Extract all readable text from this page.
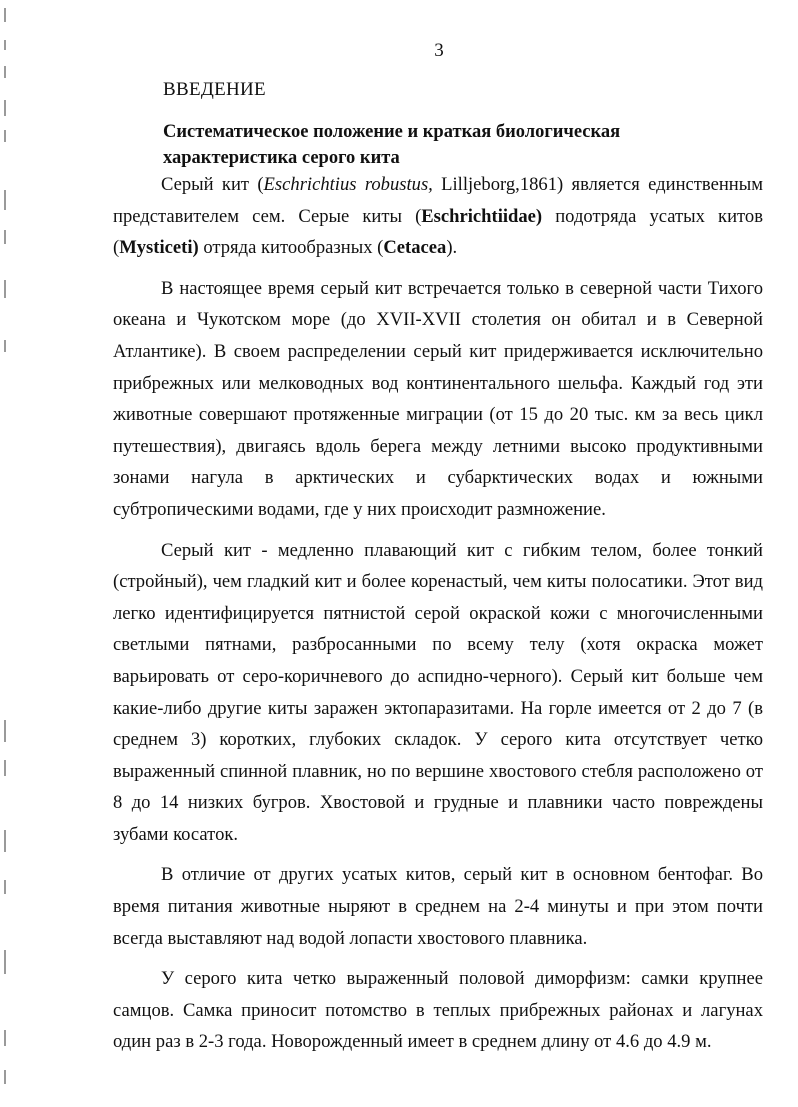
3
ВВЕДЕНИЕ
Систематическое положение и краткая биологическая характеристика серого кита

Серый кит (Eschrichtius robustus, Lilljeborg,1861) является единственным представителем сем. Серые киты (Eschrichtiidae) подотряда усатых китов (Mysticeti) отряда китообразных (Cetacea).

В настоящее время серый кит встречается только в северной части Тихого океана и Чукотском море (до XVII-XVII столетия он обитал и в Северной Атлантике). В своем распределении серый кит придерживается исключительно прибрежных или мелководных вод континентального шельфа. Каждый год эти животные совершают протяженные миграции (от 15 до 20 тыс. км за весь цикл путешествия), двигаясь вдоль берега между летними высоко продуктивными зонами нагула в арктических и субарктических водах и южными субтропическими водами, где у них происходит размножение.

Серый кит - медленно плавающий кит с гибким телом, более тонкий (стройный), чем гладкий кит и более коренастый, чем киты полосатики. Этот вид легко идентифицируется пятнистой серой окраской кожи с многочисленными светлыми пятнами, разбросанными по всему телу (хотя окраска может варьировать от серо-коричневого до аспидно-черного). Серый кит больше чем какие-либо другие киты заражен эктопаразитами. На горле имеется от 2 до 7 (в среднем 3) коротких, глубоких складок. У серого кита отсутствует четко выраженный спинной плавник, но по вершине хвостового стебля расположено от 8 до 14 низких бугров. Хвостовой и грудные и плавники часто повреждены зубами косаток.

В отличие от других усатых китов, серый кит в основном бентофаг. Во время питания животные ныряют в среднем на 2-4 минуты и при этом почти всегда выставляют над водой лопасти хвостового плавника.

У серого кита четко выраженный половой диморфизм: самки крупнее самцов. Самка приносит потомство в теплых прибрежных районах и лагунах один раз в 2-3 года. Новорожденный имеет в среднем длину от 4.6 до 4.9 м.
